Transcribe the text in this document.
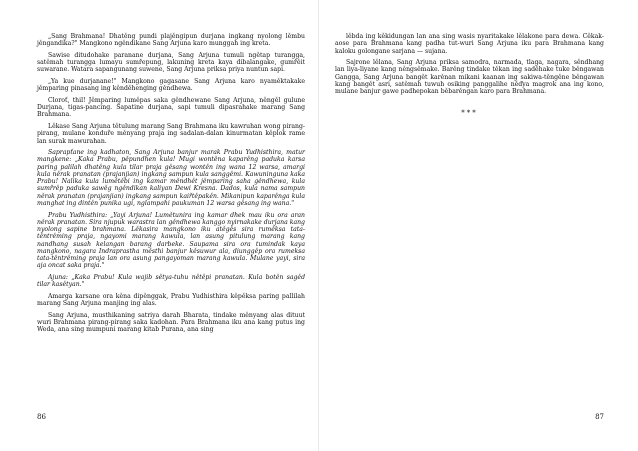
„Sang Brahmana! Dhatěng pundi plajěngipun durjana ingkang nyolong lěmbu jěngandika?" Mangkono ngěndikane Sang Arjuna karo munggah ing kreta.

Sawise ditudohake paranane durjana, Sang Arjuna tumuli ngětap turangga, satěmah turangga lumayu sumřepung, lakuning kreta kaya dibalangake, gumřěit suwarane. Watara sapangunang suwene, Sang Arjuna priksa priya nuntun sapi.

„Ya kue durjanane!" Mangkono gagasane Sang Arjuna karo nyaměktakake jěmparing pinasang ing kěnděhenging gěndhewa.

Cloroť, thil! Jěmparing luměpas saka gěndhewane Sang Arjuna, něngěl gulune Durjana, tigas-pancing. Sapatine durjana, sapi tumuli dipasrahake marang Sang Brahmana.

Lěkase Sang Arjuna tětulung marang Sang Brahmana iku kawruhan wong pirang-pirang, mulane konduře měnyang praja ing sadalan-dalan kinurmatan kěplok rame lan surak mawurahan.

Saprapťane ing kadhaton, Sang Arjuna banjur marak Prabu Yudhisthira, matur mangkene: „Kaka Prabu, pěpundhen kula! Mugi wontěna kaparěng paduka karsa paring palilah dhatěng kula tilar praja gěsang wontěn ing wana 12 warsa, amargi kula něrak pranatan (prajanjian) ingkang sampun kula sanggěmi. Kawuninguna kaka Prabu! Nalika kula lumětěbi ing kamar měndhět jěmparing saha gěndhewa, kula sumřrěp paduka sawěg ngěndikan kaliyan Dewi Kresna. Dados, kula nama sampun něrak pranatan (prajanjian) ingkang sampun kaiřtěpakěn. Mikanipun kaparěnga kula manghat ing dintěn punika ugi, nglampahi paukuman 12 warsa gěsang ing wana."

Prabu Yudhisthira: „Yayi Arjuna! Lumětunira ing kamar dhek mau iku ora aran něrak pranatan. Sira njupuk warastra lan gěndhewa kanggo nyirnakake durjana kang nyolong sapine brahmana. Lěkasira mangkono iku atěgěs sira ruměksa tata-těntrěming praja, ngayomi marang kawula, lan asung pitulung marang kang nandhang susah kelangan barang darbeke. Saupama sira ora tumindak kaya mangkono, nagara Indraprastha městhi banjur kěsuwur ala, diunggěp ora rumeksa tata-těntrěming praja lan ora asung pangayoman marang kawula. Mulane yayi, sira aja oncat saka praja."

Ajuna: „Kaka Prabu! Kula wajib sětya-tuhu nětěpi pranatan. Kula botěn sagěd tilar kasětyan."

Amarga karsane ora kěna dipěnggak, Prabu Yudhisthira kěpěksa paring pallilah marang Sang Arjuna manjing ing alas.

Sang Arjuna, musthikaning satriya darah Bharata, tindake měnyang alas dituut wuri Brahmana pirang-pirang saka kadohan. Para Brahmana iku ana kang putus ing Weda, ana sing mumpuni marang kitab Purana, ana sing

86

lěbda ing kěkidungan lan ana sing wasis nyaritakake lělakone para dewa. Cěkak-aose para Brahmana kang padha tut-wuri Sang Arjuna iku para Brahmana kang kaloku golongane sarjana — sujana.

Sajrone lělana, Sang Arjuna priksa samodra, narmada, tlaga, nagara, sěndhang lan liya-liyane kang něngsěmake. Barěng tindake těkan ing saděhake tuke běngawan Gangga, Sang Arjuna bangět karěnan mikani kaanan ing sakiwa-těngěne běngawan kang bangět asri, satěmah tuwuh osiking panggalihe něďya magrok ana ing kono, mulane banjur gawe padhepokan běbarěngan karo para Brahmana.

***
87
